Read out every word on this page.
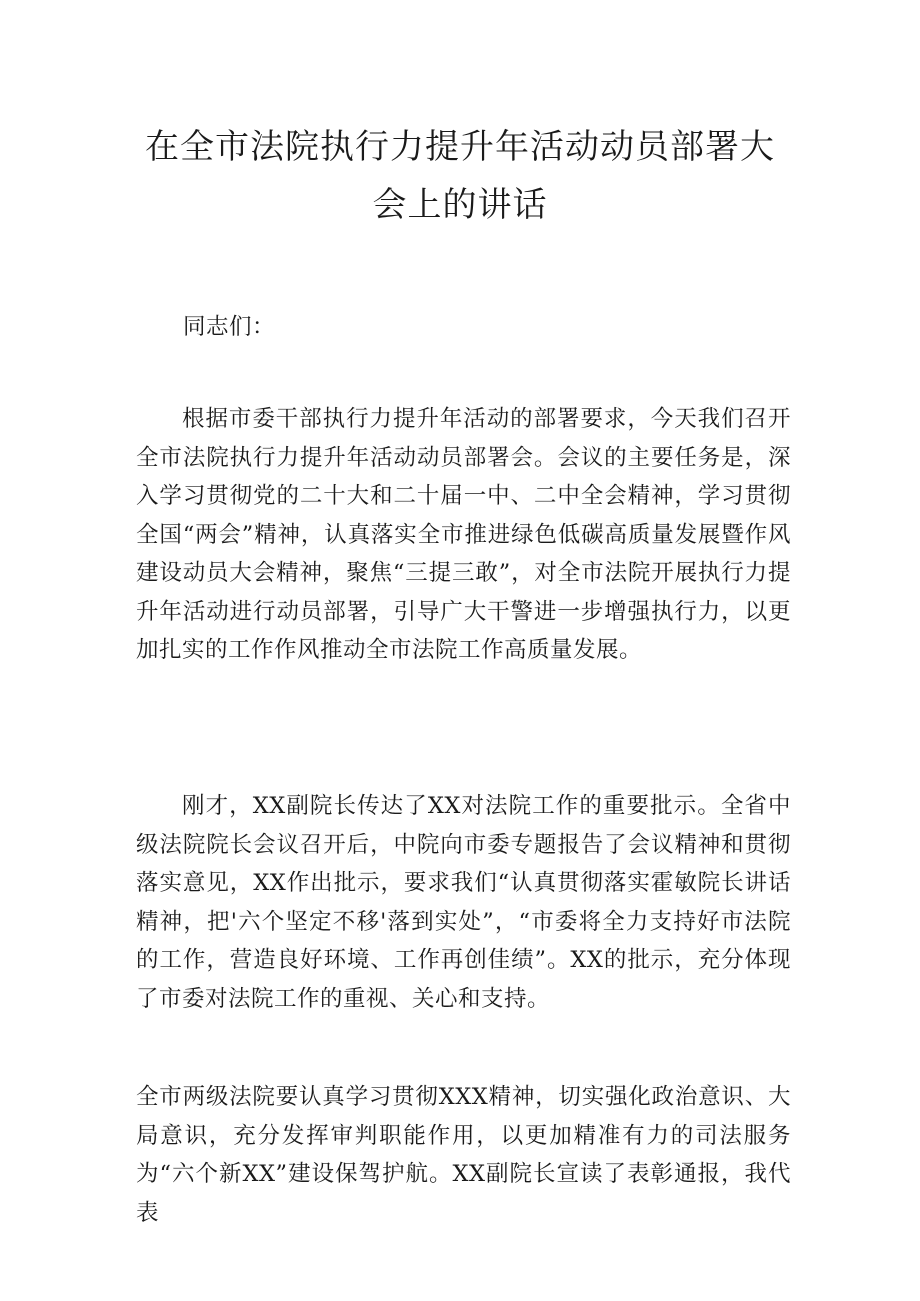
在全市法院执行力提升年活动动员部署大
会上的讲话

同志们：

根据市委干部执行力提升年活动的部署要求，今天我们召开全市法院执行力提升年活动动员部署会。会议的主要任务是，深入学习贯彻党的二十大和二十届一中、二中全会精神，学习贯彻全国“两会”精神，认真落实全市推进绿色低碳高质量发展暨作风建设动员大会精神，聚焦“三提三敢”，对全市法院开展执行力提升年活动进行动员部署，引导广大干警进一步增强执行力，以更加扎实的工作作风推动全市法院工作高质量发展。

刚才，XX副院长传达了XX对法院工作的重要批示。全省中级法院院长会议召开后，中院向市委专题报告了会议精神和贯彻落实意见，XX作出批示，要求我们“认真贯彻落实霍敏院长讲话精神，把'六个坚定不移'落到实处”，“市委将全力支持好市法院的工作，营造良好环境、工作再创佳绩”。XX的批示，充分体现了市委对法院工作的重视、关心和支持。

全市两级法院要认真学习贯彻XXX精神，切实强化政治意识、大局意识，充分发挥审判职能作用，以更加精准有力的司法服务为“六个新XX”建设保驾护航。XX副院长宣读了表彰通报，我代表
